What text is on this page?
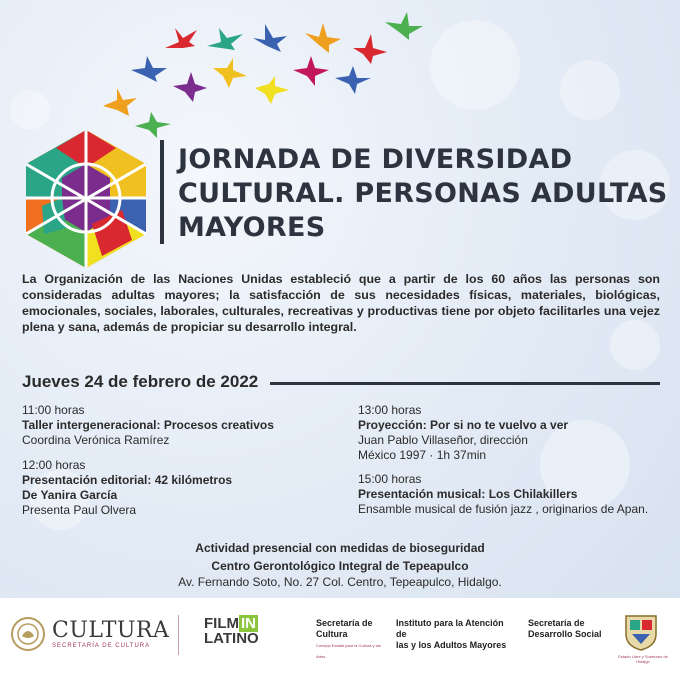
JORNADA DE DIVERSIDAD CULTURAL. PERSONAS ADULTAS MAYORES

La Organización de las Naciones Unidas estableció que a partir de los 60 años las personas son consideradas adultas mayores; la satisfacción de sus necesidades físicas, materiales, biológicas, emocionales, sociales, laborales, culturales, recreativas y productivas tiene por objeto facilitarles una vejez plena y sana, además de propiciar su desarrollo integral.

Jueves 24 de febrero de 2022
11:00 horas
Taller intergeneracional: Procesos creativos
Coordina Verónica Ramírez
12:00 horas
Presentación editorial: 42 kilómetros
De Yanira García
Presenta Paul Olvera
13:00 horas
Proyección: Por si no te vuelvo a ver
Juan Pablo Villaseñor, dirección
México 1997 · 1h 37min
15:00 horas
Presentación musical: Los Chilakillers
Ensamble musical de fusión jazz , originarios de Apan.
Actividad presencial con medidas de bioseguridad
Centro Gerontológico Integral de Tepeapulco
Av. Fernando Soto, No. 27 Col. Centro, Tepeapulco, Hidalgo.
CULTURA
SECRETARÍA DE CULTURA
FILM IN
LATINO
Secretaría de
Cultura
Consejo Estatal para la Cultura y las Artes
Instituto para la Atención de
las y los Adultos Mayores
Secretaría de
Desarrollo Social
Estado Libre y Soberano de Hidalgo
